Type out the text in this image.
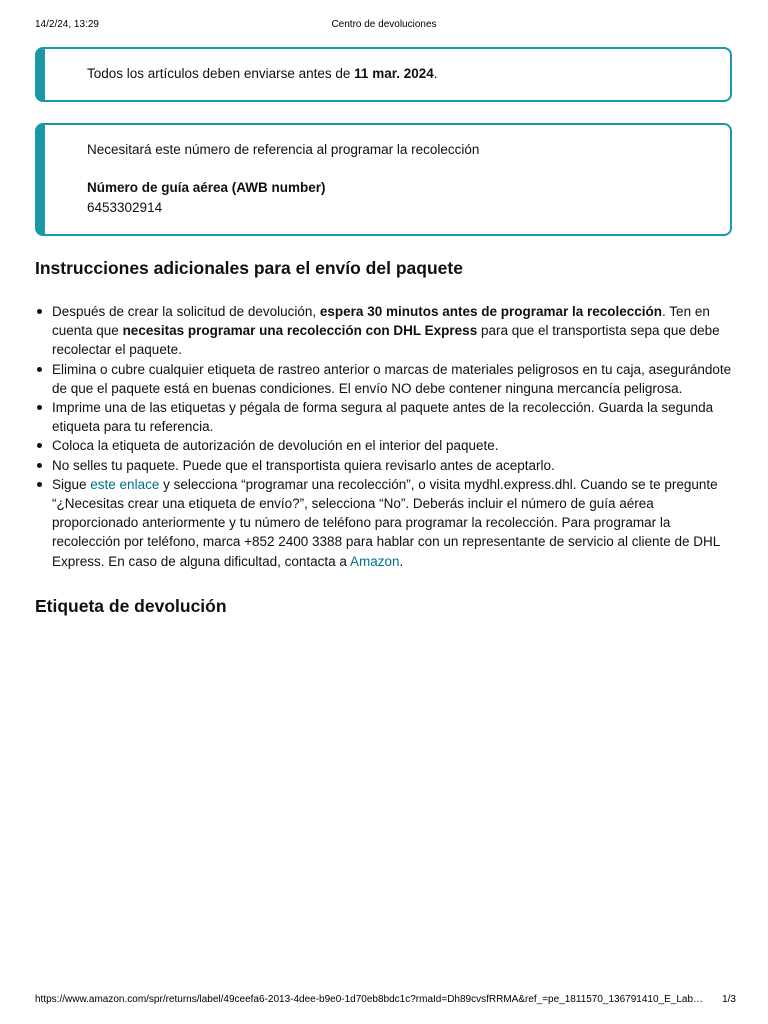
14/2/24, 13:29	Centro de devoluciones
Todos los artículos deben enviarse antes de 11 mar. 2024.
Necesitará este número de referencia al programar la recolección
Número de guía aérea (AWB number)
6453302914
Instrucciones adicionales para el envío del paquete
Después de crear la solicitud de devolución, espera 30 minutos antes de programar la recolección. Ten en cuenta que necesitas programar una recolección con DHL Express para que el transportista sepa que debe recolectar el paquete.
Elimina o cubre cualquier etiqueta de rastreo anterior o marcas de materiales peligrosos en tu caja, asegurándote de que el paquete está en buenas condiciones. El envío NO debe contener ninguna mercancía peligrosa.
Imprime una de las etiquetas y pégala de forma segura al paquete antes de la recolección. Guarda la segunda etiqueta para tu referencia.
Coloca la etiqueta de autorización de devolución en el interior del paquete.
No selles tu paquete. Puede que el transportista quiera revisarlo antes de aceptarlo.
Sigue este enlace y selecciona “programar una recolección”, o visita mydhl.express.dhl. Cuando se te pregunte “¿Necesitas crear una etiqueta de envío?”, selecciona “No”. Deberás incluir el número de guía aérea proporcionado anteriormente y tu número de teléfono para programar la recolección. Para programar la recolección por teléfono, marca +852 2400 3388 para hablar con un representante de servicio al cliente de DHL Express. En caso de alguna dificultad, contacta a Amazon.
Etiqueta de devolución
https://www.amazon.com/spr/returns/label/49ceefa6-2013-4dee-b9e0-1d70eb8bdc1c?rmaId=Dh89cvsfRRMA&ref_=pe_1811570_136791410_E_Lab… 1/3
